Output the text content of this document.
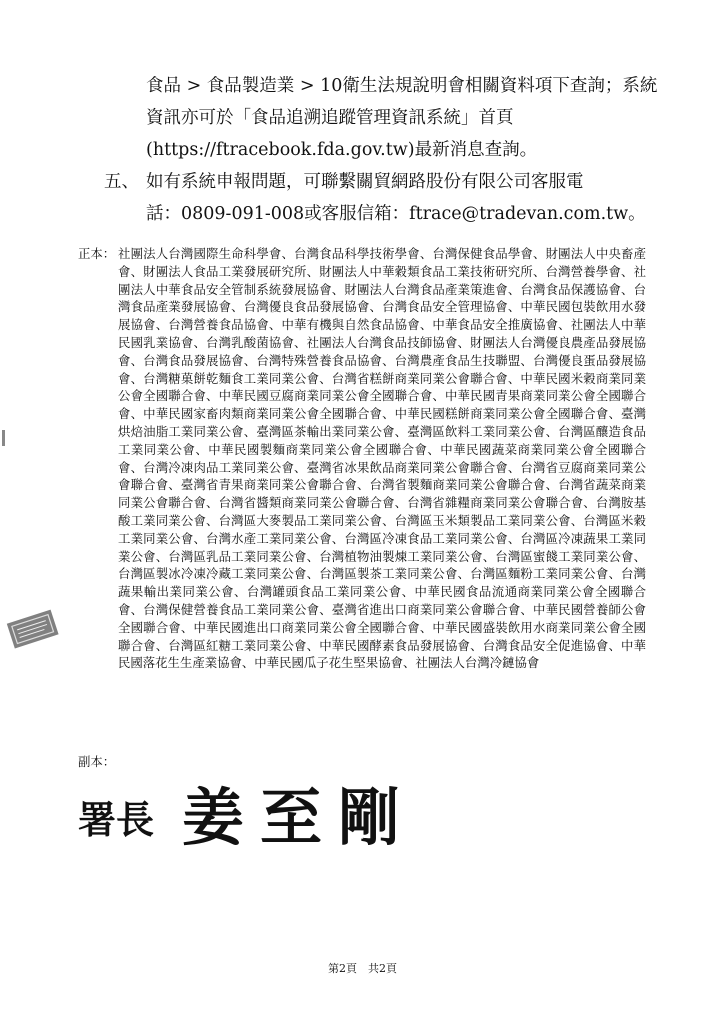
食品 > 食品製造業 > 10衛生法規說明會相關資料項下查詢；系統資訊亦可於「食品追溯追蹤管理資訊系統」首頁(https://ftracebook.fda.gov.tw)最新消息查詢。
五、 如有系統申報問題，可聯繫關貿網路股份有限公司客服電
話：0809-091-008或客服信箱：ftrace@tradevan.com.tw。
正本： 社團法人台灣國際生命科學會、台灣食品科學技術學會、台灣保健食品學會、財團法人中央畜產會、財團法人食品工業發展研究所、財團法人中華穀類食品工業技術研究所、台灣營養學會、社團法人中華食品安全管制系統發展協會、財團法人台灣食品產業策進會、台灣食品保護協會、台灣食品產業發展協會、台灣優良食品發展協會、台灣食品安全管理協會、中華民國包裝飲用水發展協會、台灣營養食品協會、中華有機與自然食品協會、中華食品安全推廣協會、社團法人中華民國乳業協會、台灣乳酸菌協會、社團法人台灣食品技師協會、財團法人台灣優良農產品發展協會、台灣食品發展協會、台灣特殊營養食品協會、台灣農產食品生技聯盟、台灣優良蛋品發展協會、台灣糖菓餅乾麵食工業同業公會、台灣省糕餅商業同業公會聯合會、中華民國米穀商業同業公會全國聯合會、中華民國豆腐商業同業公會全國聯合會、中華民國青果商業同業公會全國聯合會、中華民國家畜肉類商業同業公會全國聯合會、中華民國糕餅商業同業公會全國聯合會、臺灣烘焙油脂工業同業公會、臺灣區茶輸出業同業公會、臺灣區飲料工業同業公會、台灣區釀造食品工業同業公會、中華民國製麵商業同業公會全國聯合會、中華民國蔬菜商業同業公會全國聯合會、台灣冷凍肉品工業同業公會、臺灣省冰果飲品商業同業公會聯合會、台灣省豆腐商業同業公會聯合會、臺灣省青果商業同業公會聯合會、台灣省製麵商業同業公會聯合會、台灣省蔬菜商業同業公會聯合會、台灣省醬類商業同業公會聯合會、台灣省雜糧商業同業公會聯合會、台灣胺基酸工業同業公會、台灣區大麥製品工業同業公會、台灣區玉米類製品工業同業公會、台灣區米穀工業同業公會、台灣水產工業同業公會、台灣區冷凍食品工業同業公會、台灣區冷凍蔬果工業同業公會、台灣區乳品工業同業公會、台灣植物油製煉工業同業公會、台灣區蜜餞工業同業公會、台灣區製冰冷凍冷藏工業同業公會、台灣區製茶工業同業公會、台灣區麵粉工業同業公會、台灣蔬果輸出業同業公會、台灣罐頭食品工業同業公會、中華民國食品流通商業同業公會全國聯合會、台灣保健營養食品工業同業公會、臺灣省進出口商業同業公會聯合會、中華民國營養師公會全國聯合會、中華民國進出口商業同業公會全國聯合會、中華民國盛裝飲用水商業同業公會全國聯合會、台灣區紅糖工業同業公會、中華民國酵素食品發展協會、台灣食品安全促進協會、中華民國落花生生產業協會、中華民國瓜子花生堅果協會、社團法人台灣冷鏈協會
副本：
署長 姜至剛
第2頁　共2頁
